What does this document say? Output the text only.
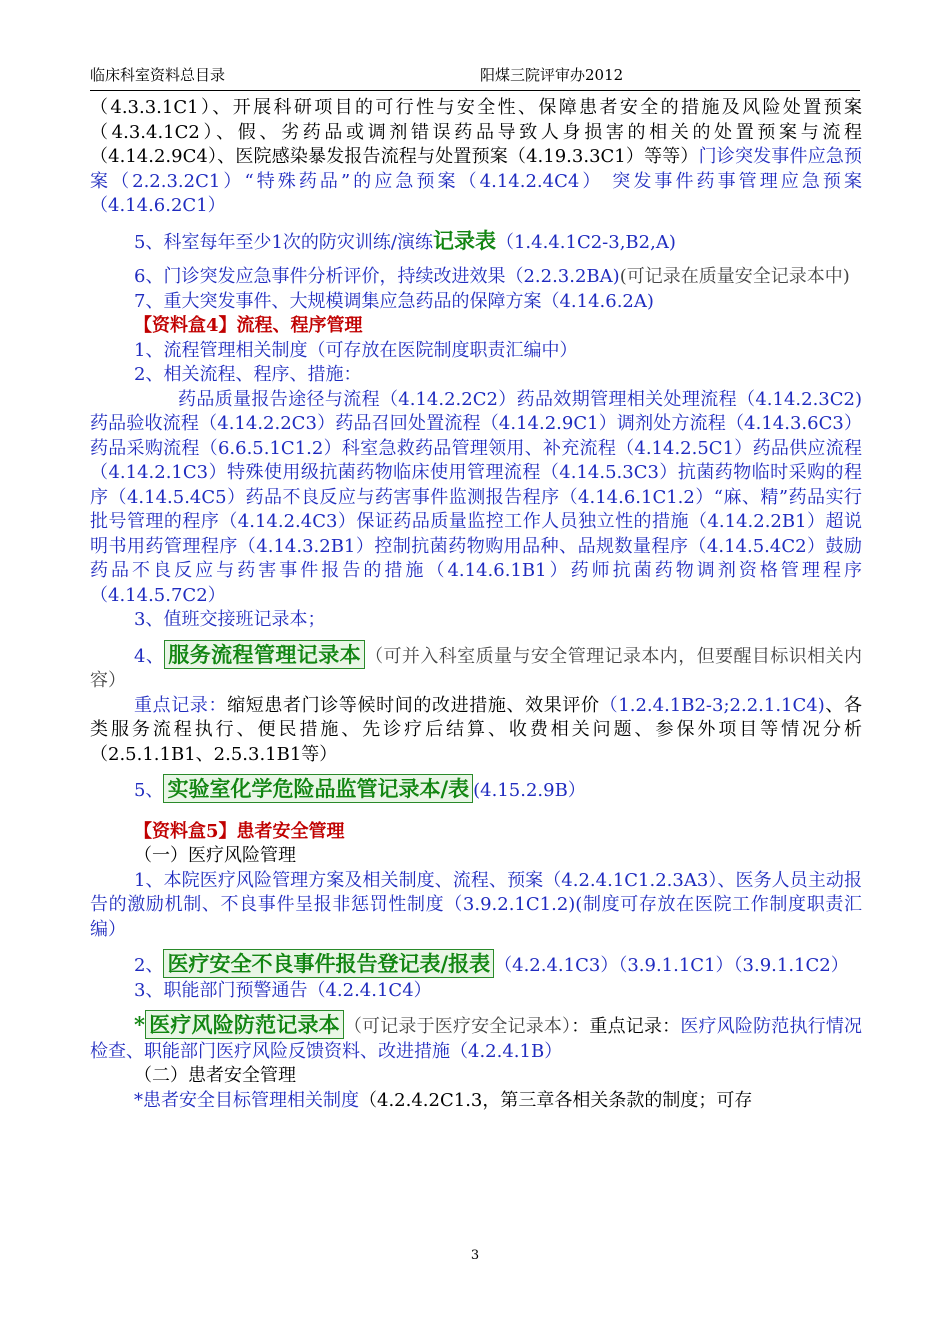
临床科室资料总目录	阳煤三院评审办2012

（4.3.3.1C1）、开展科研项目的可行性与安全性、保障患者安全的措施及风险处置预案（4.3.4.1C2）、假、劣药品或调剂错误药品导致人身损害的相关的处置预案与流程（4.14.2.9C4）、医院感染暴发报告流程与处置预案（4.19.3.3C1）等等）门诊突发事件应急预案（2.2.3.2C1）“特殊药品”的应急预案（4.14.2.4C4） 突发事件药事管理应急预案（4.14.6.2C1）

5、科室每年至少1次的防灾训练/演练记录表（1.4.4.1C2-3,B2,A)

6、门诊突发应急事件分析评价，持续改进效果（2.2.3.2BA)(可记录在质量安全记录本中)

7、重大突发事件、大规模调集应急药品的保障方案（4.14.6.2A)

【资料盒4】流程、程序管理

1、流程管理相关制度（可存放在医院制度职责汇编中）

2、相关流程、程序、措施：

药品质量报告途径与流程（4.14.2.2C2）药品效期管理相关处理流程（4.14.2.3C2)药品验收流程（4.14.2.2C3）药品召回处置流程（4.14.2.9C1）调剂处方流程（4.14.3.6C3）药品采购流程（6.6.5.1C1.2）科室急救药品管理领用、补充流程（4.14.2.5C1）药品供应流程（4.14.2.1C3）特殊使用级抗菌药物临床使用管理流程（4.14.5.3C3）抗菌药物临时采购的程序（4.14.5.4C5）药品不良反应与药害事件监测报告程序（4.14.6.1C1.2）“麻、精”药品实行批号管理的程序（4.14.2.4C3）保证药品质量监控工作人员独立性的措施（4.14.2.2B1）超说明书用药管理程序（4.14.3.2B1）控制抗菌药物购用品种、品规数量程序（4.14.5.4C2）鼓励药品不良反应与药害事件报告的措施（4.14.6.1B1）药师抗菌药物调剂资格管理程序（4.14.5.7C2）

3、值班交接班记录本；

4、 服务流程管理记录本 （可并入科室质量与安全管理记录本内，但要醒目标识相关内容）

重点记录：缩短患者门诊等候时间的改进措施、效果评价（1.2.4.1B2-3;2.2.1.1C4)、各类服务流程执行、便民措施、先诊疗后结算、收费相关问题、参保外项目等情况分析（2.5.1.1B1、2.5.3.1B1等）

5、 实验室化学危险品监管记录本/表 (4.15.2.9B）

【资料盒5】患者安全管理

（一）医疗风险管理

1、本院医疗风险管理方案及相关制度、流程、预案（4.2.4.1C1.2.3A3）、医务人员主动报告的激励机制、不良事件呈报非惩罚性制度（3.9.2.1C1.2)(制度可存放在医院工作制度职责汇编）

2、 医疗安全不良事件报告登记表/报表 （4.2.4.1C3）（3.9.1.1C1）（3.9.1.1C2）

3、职能部门预警通告（4.2.4.1C4）

* 医疗风险防范记录本 （可记录于医疗安全记录本）：重点记录：医疗风险防范执行情况检查、职能部门医疗风险反馈资料、改进措施（4.2.4.1B）

（二）患者安全管理

*患者安全目标管理相关制度（4.2.4.2C1.3，第三章各相关条款的制度；可存

3
